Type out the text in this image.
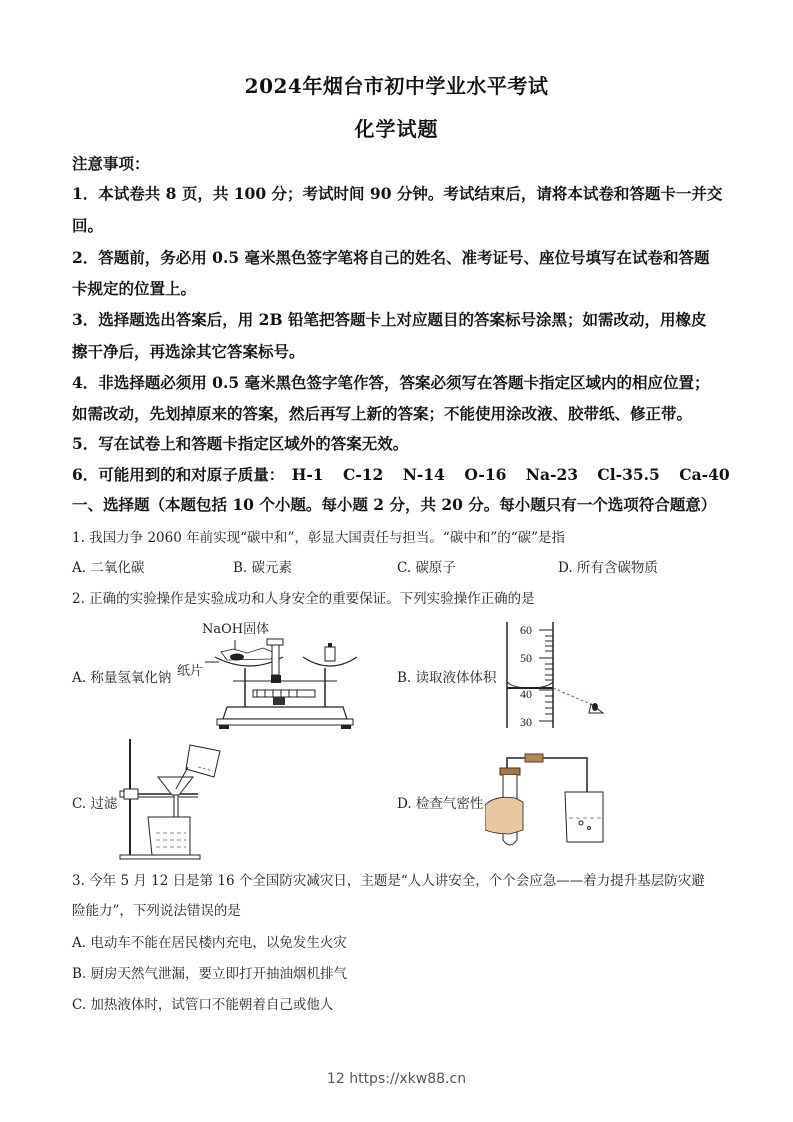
2024年烟台市初中学业水平考试
化学试题
注意事项：
1．本试卷共 8 页，共 100 分；考试时间 90 分钟。考试结束后，请将本试卷和答题卡一并交
回。
2．答题前，务必用 0.5 毫米黑色签字笔将自己的姓名、准考证号、座位号填写在试卷和答题
卡规定的位置上。
3．选择题选出答案后，用 2B 铅笔把答题卡上对应题目的答案标号涂黑；如需改动，用橡皮
擦干净后，再选涂其它答案标号。
4．非选择题必须用 0.5 毫米黑色签字笔作答，答案必须写在答题卡指定区域内的相应位置；
如需改动，先划掉原来的答案，然后再写上新的答案；不能使用涂改液、胶带纸、修正带。
5．写在试卷上和答题卡指定区域外的答案无效。
6．可能用到的和对原子质量： H-1 C-12 N-14 O-16 Na-23 Cl-35.5 Ca-40
一、选择题（本题包括 10 个小题。每小题 2 分，共 20 分。每小题只有一个选项符合题意）
1. 我国力争 2060 年前实现“碳中和”，彰显大国责任与担当。“碳中和”的“碳”是指
A. 二氧化碳	B. 碳元素	C. 碳原子	D. 所有含碳物质
2. 正确的实验操作是实验成功和人身安全的重要保证。下列实验操作正确的是
A. 称量氢氧化钠
NaOH固体
纸片	B. 读取液体体积
60
50
40
30
C. 过滤	D. 检查气密性
3. 今年 5 月 12 日是第 16 个全国防灾减灾日，主题是“人人讲安全，个个会应急——着力提升基层防灾避
险能力”，下列说法错误的是
A. 电动车不能在居民楼内充电，以免发生火灾
B. 厨房天然气泄漏，要立即打开抽油烟机排气
C. 加热液体时，试管口不能朝着自己或他人
12 https://xkw88.cn
